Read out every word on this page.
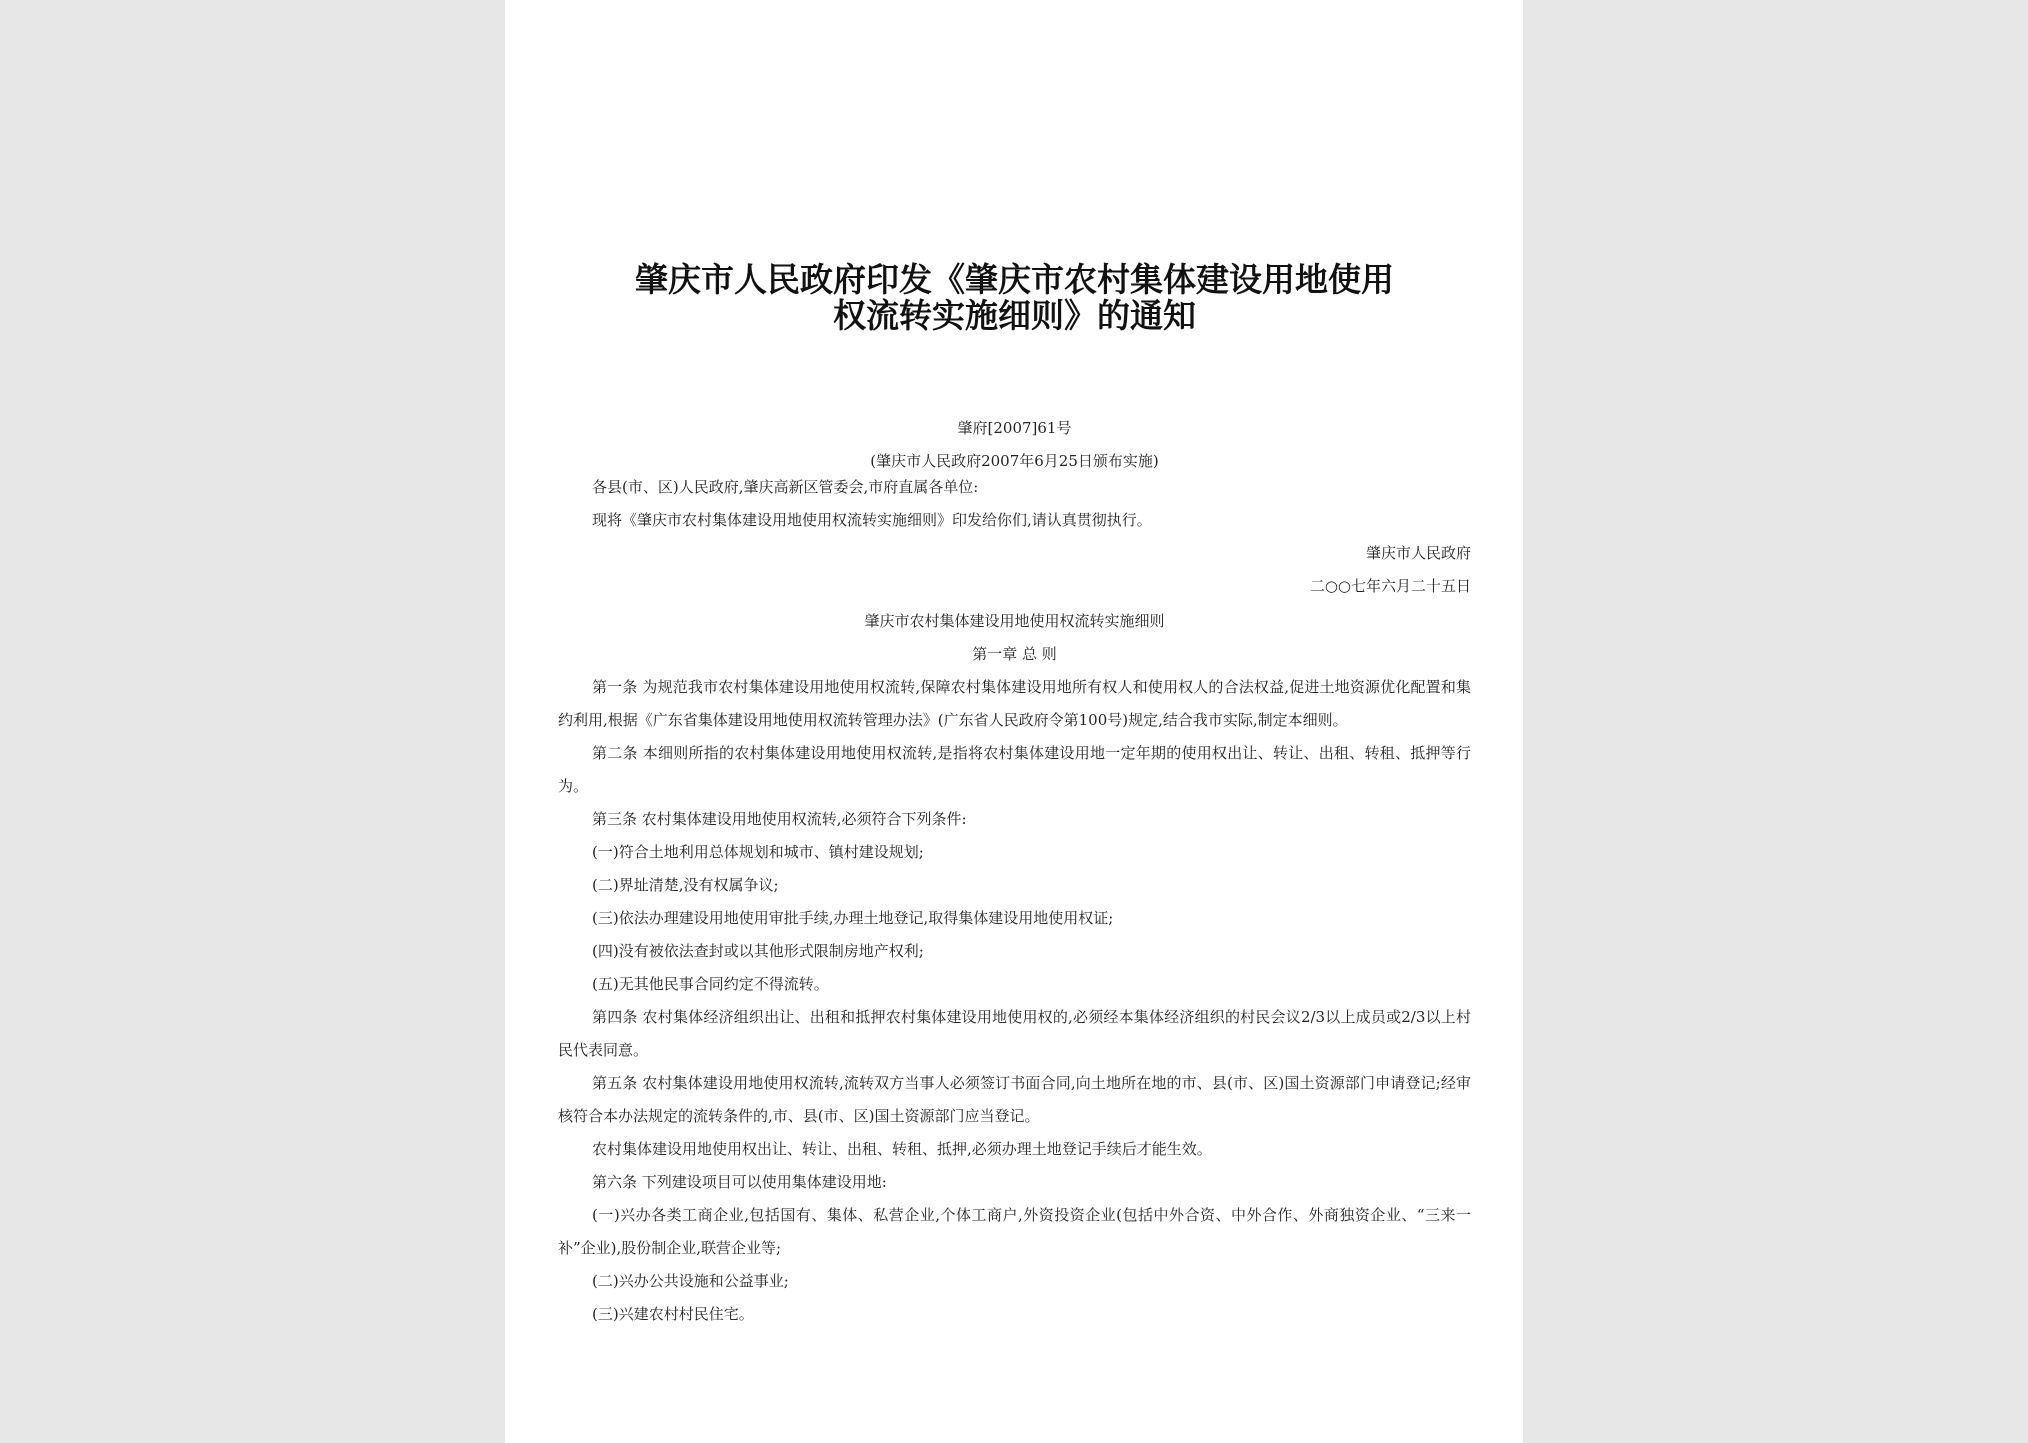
肇庆市人民政府印发《肇庆市农村集体建设用地使用
权流转实施细则》的通知
肇府[2007]61号
(肇庆市人民政府2007年6月25日颁布实施)

各县(市、区)人民政府,肇庆高新区管委会,市府直属各单位:

现将《肇庆市农村集体建设用地使用权流转实施细则》印发给你们,请认真贯彻执行。

肇庆市人民政府

二○○七年六月二十五日

肇庆市农村集体建设用地使用权流转实施细则

第一章 总 则

第一条 为规范我市农村集体建设用地使用权流转,保障农村集体建设用地所有权人和使用权人的合法权益,促进土地资源优化配置和集约利用,根据《广东省集体建设用地使用权流转管理办法》(广东省人民政府令第100号)规定,结合我市实际,制定本细则。

第二条 本细则所指的农村集体建设用地使用权流转,是指将农村集体建设用地一定年期的使用权出让、转让、出租、转租、抵押等行为。

第三条 农村集体建设用地使用权流转,必须符合下列条件:

(一)符合土地利用总体规划和城市、镇村建设规划;

(二)界址清楚,没有权属争议;

(三)依法办理建设用地使用审批手续,办理土地登记,取得集体建设用地使用权证;

(四)没有被依法查封或以其他形式限制房地产权利;

(五)无其他民事合同约定不得流转。

第四条 农村集体经济组织出让、出租和抵押农村集体建设用地使用权的,必须经本集体经济组织的村民会议2/3以上成员或2/3以上村民代表同意。

第五条 农村集体建设用地使用权流转,流转双方当事人必须签订书面合同,向土地所在地的市、县(市、区)国土资源部门申请登记;经审核符合本办法规定的流转条件的,市、县(市、区)国土资源部门应当登记。

农村集体建设用地使用权出让、转让、出租、转租、抵押,必须办理土地登记手续后才能生效。

第六条 下列建设项目可以使用集体建设用地:

(一)兴办各类工商企业,包括国有、集体、私营企业,个体工商户,外资投资企业(包括中外合资、中外合作、外商独资企业、“三来一补”企业),股份制企业,联营企业等;

(二)兴办公共设施和公益事业;

(三)兴建农村村民住宅。
